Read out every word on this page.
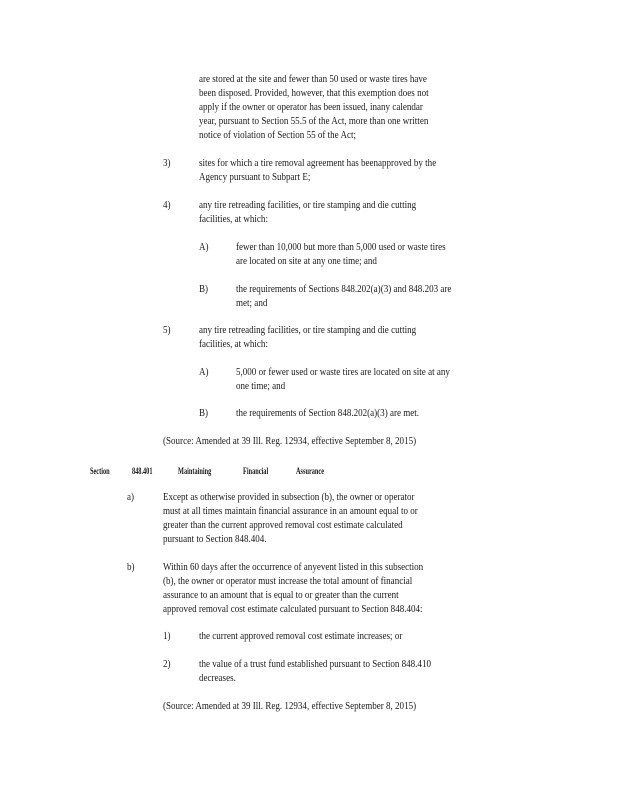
are stored at the site and fewer than 50 used or waste tires have
been disposed. Provided, however, that this exemption does not
apply if the owner or operator has been issued, inany calendar
year, pursuant to Section 55.5 of the Act, more than one written
notice of violation of Section 55 of the Act;
3)	sites for which a tire removal agreement has beenapproved by the
Agency pursuant to Subpart E;
4)	any tire retreading facilities, or tire stamping and die cutting
facilities, at which:
A)	fewer than 10,000 but more than 5,000 used or waste tires
are located on site at any one time; and
B)	the requirements of Sections 848.202(a)(3) and 848.203 are
met; and
5)	any tire retreading facilities, or tire stamping and die cutting
facilities, at which:
A)	5,000 or fewer used or waste tires are located on site at any
one time; and
B)	the requirements of Section 848.202(a)(3) are met.
(Source: Amended at 39 Ill. Reg. 12934, effective September 8, 2015)
Section 848.401	Maintaining	Financial	Assurance
a)	Except as otherwise provided in subsection (b), the owner or operator
must at all times maintain financial assurance in an amount equal to or
greater than the current approved removal cost estimate calculated
pursuant to Section 848.404.
b)	Within 60 days after the occurrence of anyevent listed in this subsection
(b), the owner or operator must increase the total amount of financial
assurance to an amount that is equal to or greater than the current
approved removal cost estimate calculated pursuant to Section 848.404:
1)	the current approved removal cost estimate increases; or
2)	the value of a trust fund established pursuant to Section 848.410
decreases.
(Source: Amended at 39 Ill. Reg. 12934, effective September 8, 2015)
